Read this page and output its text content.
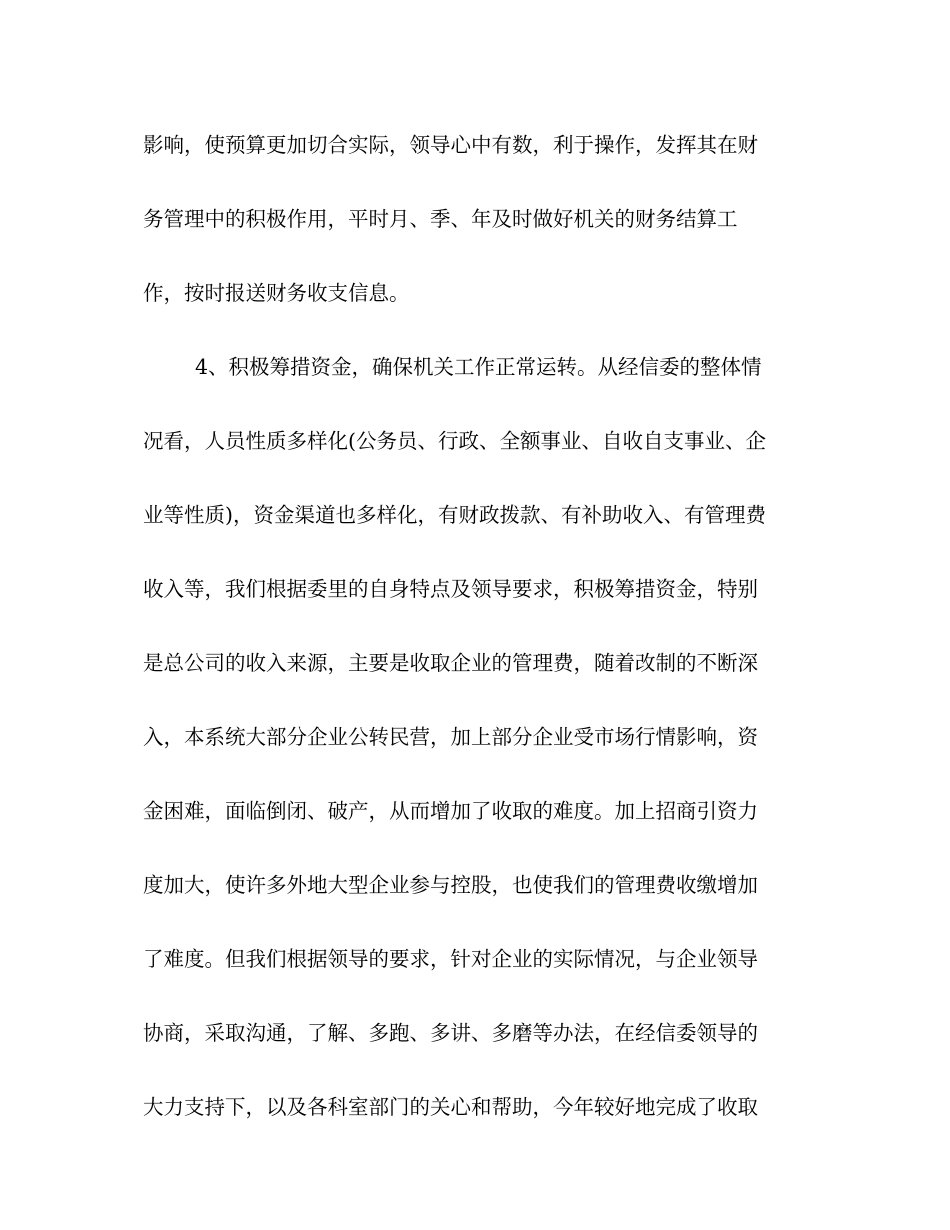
影响，使预算更加切合实际，领导心中有数，利于操作，发挥其在财
务管理中的积极作用，平时月、季、年及时做好机关的财务结算工
作，按时报送财务收支信息。
4、积极筹措资金，确保机关工作正常运转。从经信委的整体情
况看，人员性质多样化(公务员、行政、全额事业、自收自支事业、企
业等性质)，资金渠道也多样化，有财政拨款、有补助收入、有管理费
收入等，我们根据委里的自身特点及领导要求，积极筹措资金，特别
是总公司的收入来源，主要是收取企业的管理费，随着改制的不断深
入，本系统大部分企业公转民营，加上部分企业受市场行情影响，资
金困难，面临倒闭、破产，从而增加了收取的难度。加上招商引资力
度加大，使许多外地大型企业参与控股，也使我们的管理费收缴增加
了难度。但我们根据领导的要求，针对企业的实际情况，与企业领导
协商，采取沟通，了解、多跑、多讲、多磨等办法，在经信委领导的
大力支持下，以及各科室部门的关心和帮助，今年较好地完成了收取
